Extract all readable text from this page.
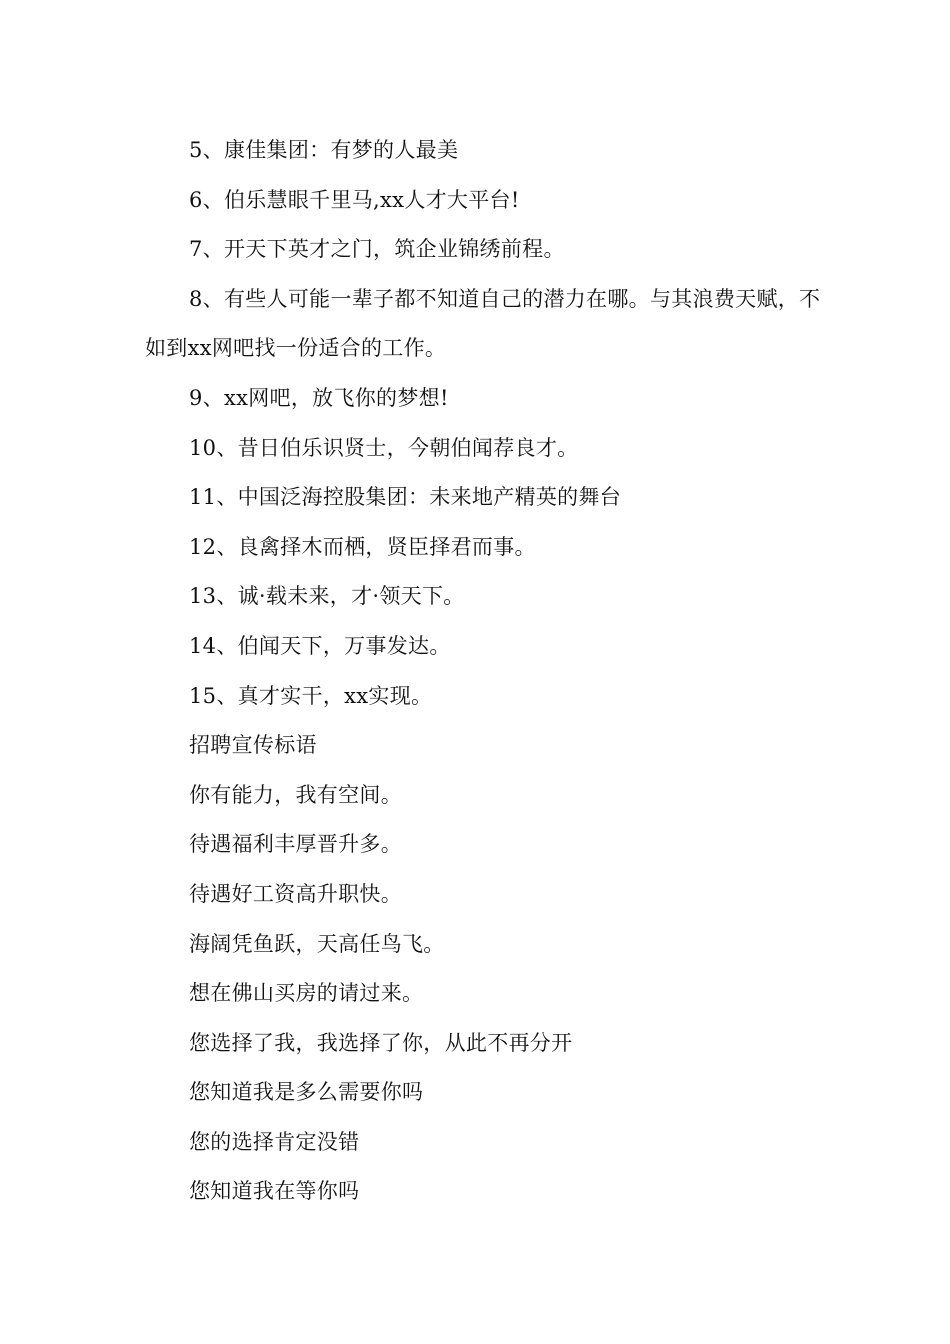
5、康佳集团：有梦的人最美

6、伯乐慧眼千里马,xx人才大平台!

7、开天下英才之门，筑企业锦绣前程。

8、有些人可能一辈子都不知道自己的潜力在哪。与其浪费天赋，不如到xx网吧找一份适合的工作。

9、xx网吧，放飞你的梦想!

10、昔日伯乐识贤士，今朝伯闻荐良才。

11、中国泛海控股集团：未来地产精英的舞台

12、良禽择木而栖，贤臣择君而事。

13、诚·载未来，才·领天下。

14、伯闻天下，万事发达。

15、真才实干，xx实现。

招聘宣传标语

你有能力，我有空间。

待遇福利丰厚晋升多。

待遇好工资高升职快。

海阔凭鱼跃，天高任鸟飞。

想在佛山买房的请过来。

您选择了我，我选择了你，从此不再分开

您知道我是多么需要你吗

您的选择肯定没错

您知道我在等你吗
